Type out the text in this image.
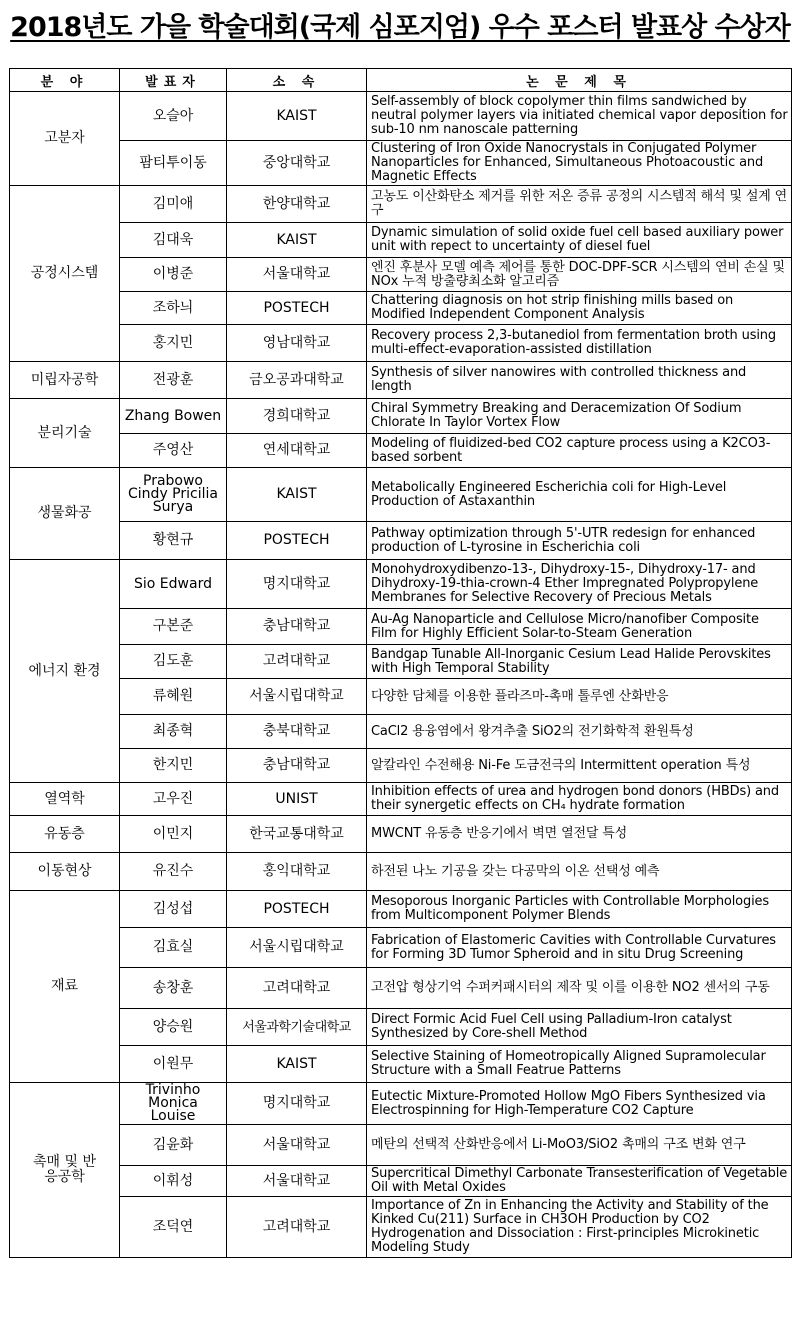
2018년도 가을 학술대회(국제 심포지엄) 우수 포스터 발표상 수상자
분 야	발표자	소 속	논 문 제 목
고분자	오슬아	KAIST	Self-assembly of block copolymer thin films sandwiched by neutral polymer layers via initiated chemical vapor deposition for sub-10 nm nanoscale patterning
	팜티투이동	중앙대학교	Clustering of Iron Oxide Nanocrystals in Conjugated Polymer Nanoparticles for Enhanced, Simultaneous Photoacoustic and Magnetic Effects
공정시스템	김미애	한양대학교	고농도 이산화탄소 제거를 위한 저온 증류 공정의 시스템적 해석 및 설계 연구
	김대욱	KAIST	Dynamic simulation of solid oxide fuel cell based auxiliary power unit with repect to uncertainty of diesel fuel
	이병준	서울대학교	엔진 후분사 모델 예측 제어를 통한 DOC-DPF-SCR 시스템의 연비 손실 및 NOx 누적 방출량최소화 알고리즘
	조하늬	POSTECH	Chattering diagnosis on hot strip finishing mills based on Modified Independent Component Analysis
	홍지민	영남대학교	Recovery process 2,3-butanediol from fermentation broth using multi-effect-evaporation-assisted distillation
미립자공학	전광훈	금오공과대학교	Synthesis of silver nanowires with controlled thickness and length
분리기술	Zhang Bowen	경희대학교	Chiral Symmetry Breaking and Deracemization Of Sodium Chlorate In Taylor Vortex Flow
	주영산	연세대학교	Modeling of fluidized-bed CO2 capture process using a K2CO3-based sorbent
생물화공	Prabowo Cindy Pricilia Surya	KAIST	Metabolically Engineered Escherichia coli for High-Level Production of Astaxanthin
	황현규	POSTECH	Pathway optimization through 5'-UTR redesign for enhanced production of L-tyrosine in Escherichia coli
에너지 환경	Sio Edward	명지대학교	Monohydroxydibenzo-13-, Dihydroxy-15-, Dihydroxy-17- and Dihydroxy-19-thia-crown-4 Ether Impregnated Polypropylene Membranes for Selective Recovery of Precious Metals
	구본준	충남대학교	Au-Ag Nanoparticle and Cellulose Micro/nanofiber Composite Film for Highly Efficient Solar-to-Steam Generation
	김도훈	고려대학교	Bandgap Tunable All-Inorganic Cesium Lead Halide Perovskites with High Temporal Stability
	류혜원	서울시립대학교	다양한 담체를 이용한 플라즈마-촉매 톨루엔 산화반응
	최종혁	충북대학교	CaCl2 용융염에서 왕겨추출 SiO2의 전기화학적 환원특성
	한지민	충남대학교	알칼라인 수전해용 Ni-Fe 도금전극의 Intermittent operation 특성
열역학	고우진	UNIST	Inhibition effects of urea and hydrogen bond donors (HBDs) and their synergetic effects on CH₄ hydrate formation
유동층	이민지	한국교통대학교	MWCNT 유동층 반응기에서 벽면 열전달 특성
이동현상	유진수	홍익대학교	하전된 나노 기공을 갖는 다공막의 이온 선택성 예측
재료	김성섭	POSTECH	Mesoporous Inorganic Particles with Controllable Morphologies from Multicomponent Polymer Blends
	김효실	서울시립대학교	Fabrication of Elastomeric Cavities with Controllable Curvatures for Forming 3D Tumor Spheroid and in situ Drug Screening
	송창훈	고려대학교	고전압 형상기억 수퍼커패시터의 제작 및 이를 이용한 NO2 센서의 구동
	양승원	서울과학기술대학교	Direct Formic Acid Fuel Cell using Palladium-Iron catalyst Synthesized by Core-shell Method
	이원무	KAIST	Selective Staining of Homeotropically Aligned Supramolecular Structure with a Small Featrue Patterns
촉매 및 반응공학	Trivinho Monica Louise	명지대학교	Eutectic Mixture-Promoted Hollow MgO Fibers Synthesized via Electrospinning for High-Temperature CO2 Capture
	김윤화	서울대학교	메탄의 선택적 산화반응에서 Li-MoO3/SiO2 촉매의 구조 변화 연구
	이휘성	서울대학교	Supercritical Dimethyl Carbonate Transesterification of Vegetable Oil with Metal Oxides
	조덕연	고려대학교	Importance of Zn in Enhancing the Activity and Stability of the Kinked Cu(211) Surface in CH3OH Production by CO2 Hydrogenation and Dissociation : First-principles Microkinetic Modeling Study
